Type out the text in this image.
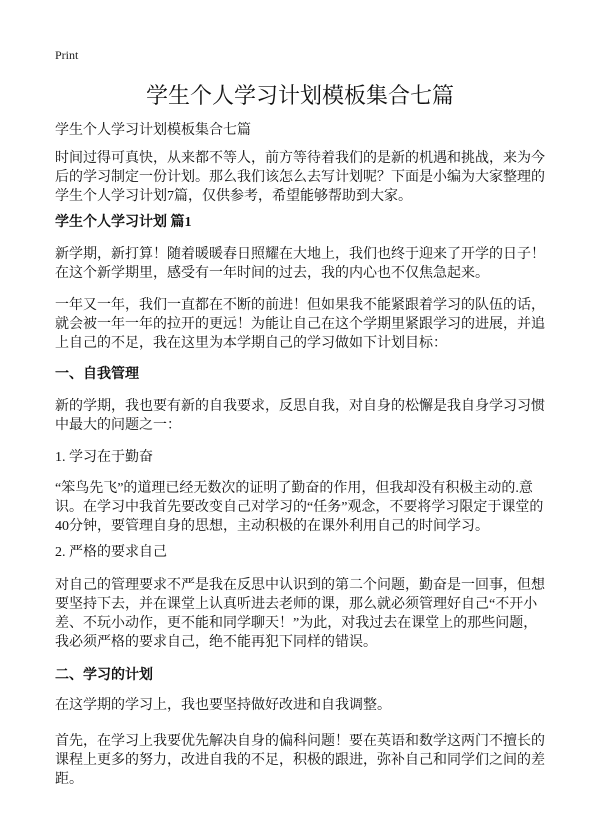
Print
学生个人学习计划模板集合七篇
学生个人学习计划模板集合七篇
时间过得可真快，从来都不等人，前方等待着我们的是新的机遇和挑战，来为今后的学习制定一份计划。那么我们该怎么去写计划呢？下面是小编为大家整理的学生个人学习计划7篇，仅供参考，希望能够帮助到大家。
学生个人学习计划 篇1
新学期，新打算！随着暖暖春日照耀在大地上，我们也终于迎来了开学的日子！在这个新学期里，感受有一年时间的过去，我的内心也不仅焦急起来。
一年又一年，我们一直都在不断的前进！但如果我不能紧跟着学习的队伍的话，就会被一年一年的拉开的更远！为能让自己在这个学期里紧跟学习的进展，并追上自己的不足，我在这里为本学期自己的学习做如下计划目标：
一、自我管理
新的学期，我也要有新的自我要求，反思自我，对自身的松懈是我自身学习习惯中最大的问题之一：
1. 学习在于勤奋
“笨鸟先飞”的道理已经无数次的证明了勤奋的作用，但我却没有积极主动的.意识。在学习中我首先要改变自己对学习的“任务”观念，不要将学习限定于课堂的40分钟，要管理自身的思想，主动积极的在课外利用自己的时间学习。
2. 严格的要求自己
对自己的管理要求不严是我在反思中认识到的第二个问题，勤奋是一回事，但想要坚持下去，并在课堂上认真听进去老师的课，那么就必须管理好自己“不开小差、不玩小动作，更不能和同学聊天！”为此，对我过去在课堂上的那些问题，我必须严格的要求自己，绝不能再犯下同样的错误。
二、学习的计划
在这学期的学习上，我也要坚持做好改进和自我调整。
首先，在学习上我要优先解决自身的偏科问题！要在英语和数学这两门不擅长的课程上更多的努力，改进自我的不足，积极的跟进，弥补自己和同学们之间的差距。
